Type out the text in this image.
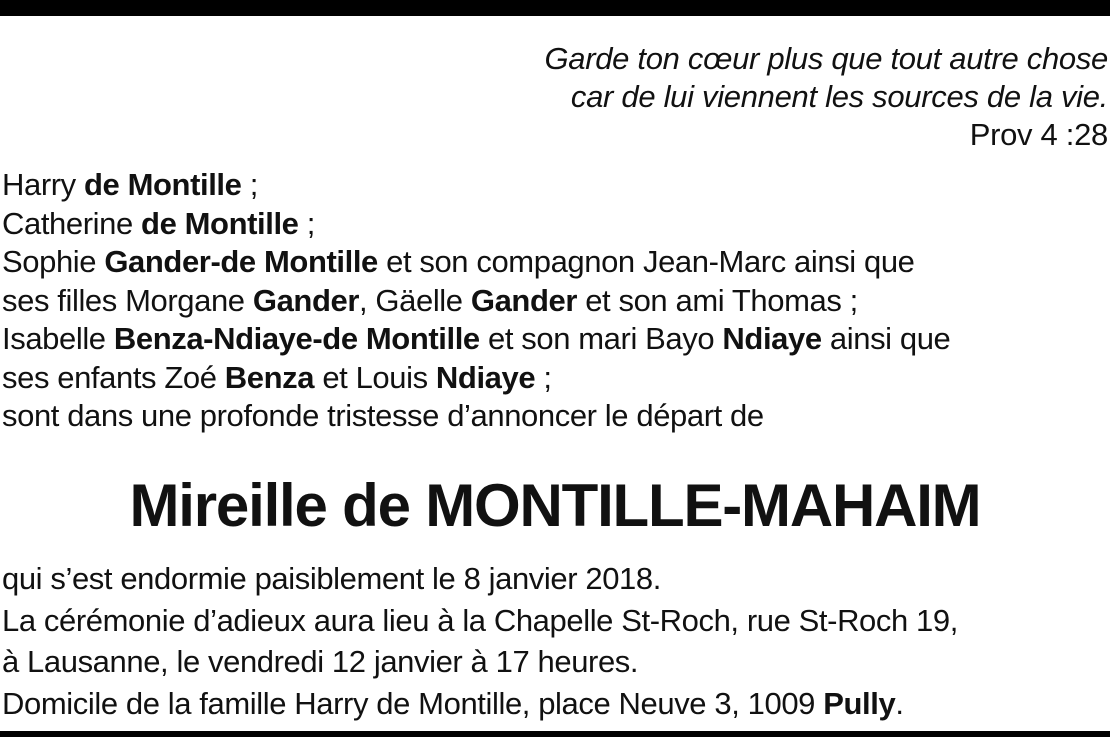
Garde ton cœur plus que tout autre chose
car de lui viennent les sources de la vie.
Prov 4 :28
Harry de Montille ;
Catherine de Montille ;
Sophie Gander-de Montille et son compagnon Jean-Marc ainsi que
ses filles Morgane Gander, Gäelle Gander et son ami Thomas ;
Isabelle Benza-Ndiaye-de Montille et son mari Bayo Ndiaye ainsi que
ses enfants Zoé Benza et Louis Ndiaye ;
sont dans une profonde tristesse d’annoncer le départ de
Mireille de MONTILLE-MAHAIM
qui s’est endormie paisiblement le 8 janvier 2018.
La cérémonie d’adieux aura lieu à la Chapelle St-Roch, rue St-Roch 19,
à Lausanne, le vendredi 12 janvier à 17 heures.
Domicile de la famille Harry de Montille, place Neuve 3, 1009 Pully.
